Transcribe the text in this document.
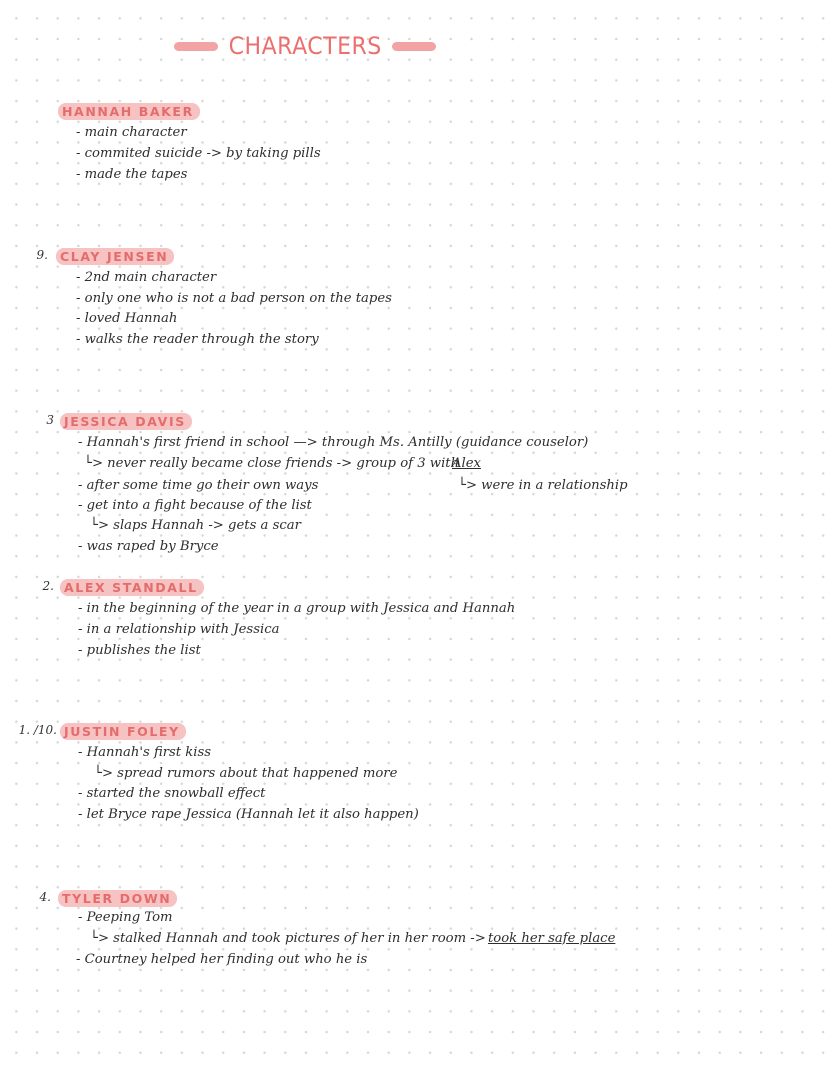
CHARACTERS
HANNAH BAKER
- main character
- commited suicide -> by taking pills
- made the tapes
9. CLAY JENSEN
- 2nd main character
- only one who is not a bad person on the tapes
- loved Hannah
- walks the reader through the story
3 JESSICA DAVIS
- Hannah's first friend in school —> through Ms. Antilly (guidance couselor)
└> never really became close friends -> group of 3 with
Alex
└> were in a relationship
- after some time go their own ways
- get into a fight because of the list
└> slaps Hannah -> gets a scar
- was raped by Bryce
2. ALEX STANDALL
- in the beginning of the year in a group with Jessica and Hannah
- in a relationship with Jessica
- publishes the list
1. /10. JUSTIN FOLEY
- Hannah's first kiss
└> spread rumors about that happened more
- started the snowball effect
- let Bryce rape Jessica (Hannah let it also happen)
4. TYLER DOWN
- Peeping Tom
└> stalked Hannah and took pictures of her in her room -> took her safe place
- Courtney helped her finding out who he is
